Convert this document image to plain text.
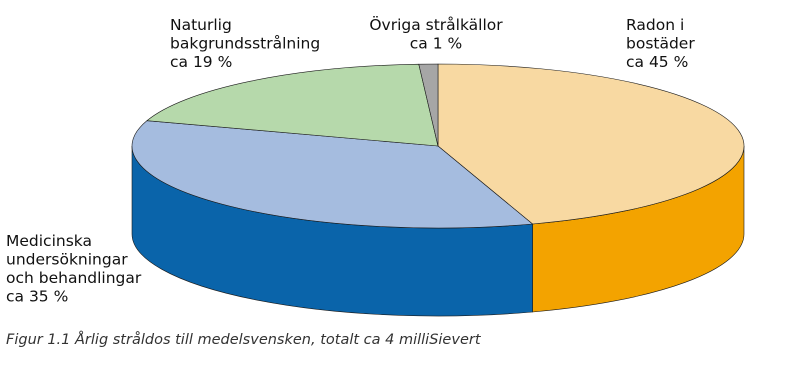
Radon i bostäder ca 45 %
Medicinska undersökningar och behandlingar ca 35 %
Naturlig bakgrundsstrålning ca 19 %
Övriga strålkällor ca 1 %

Figur 1.1 Årlig stråldos till medelsvensken, totalt ca 4 milliSievert
